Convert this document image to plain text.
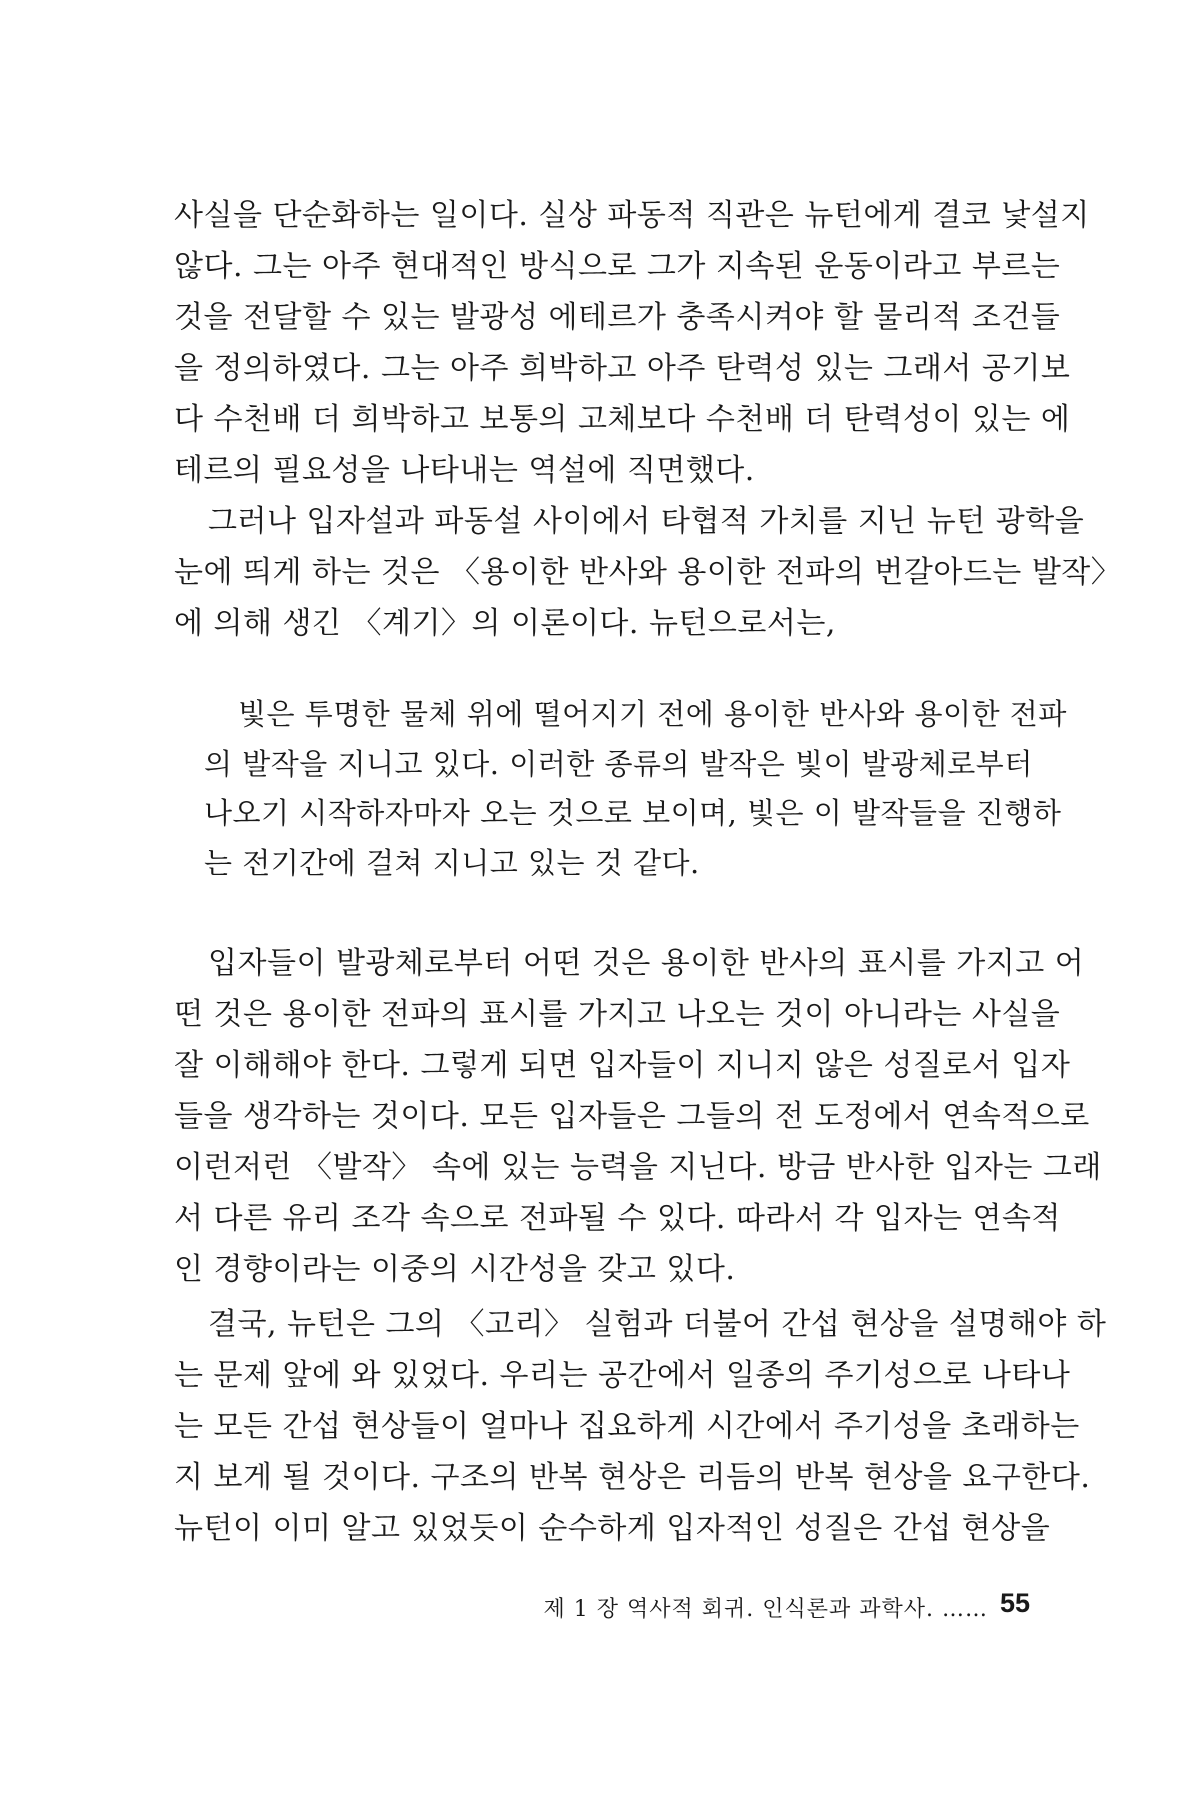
사실을 단순화하는 일이다. 실상 파동적 직관은 뉴턴에게 결코 낯설지
않다. 그는 아주 현대적인 방식으로 그가 지속된 운동이라고 부르는
것을 전달할 수 있는 발광성 에테르가 충족시켜야 할 물리적 조건들
을 정의하였다. 그는 아주 희박하고 아주 탄력성 있는 그래서 공기보
다 수천배 더 희박하고 보통의 고체보다 수천배 더 탄력성이 있는 에
테르의 필요성을 나타내는 역설에 직면했다.
그러나 입자설과 파동설 사이에서 타협적 가치를 지닌 뉴턴 광학을
눈에 띄게 하는 것은 〈용이한 반사와 용이한 전파의 번갈아드는 발작〉
에 의해 생긴 〈계기〉의 이론이다. 뉴턴으로서는,
빛은 투명한 물체 위에 떨어지기 전에 용이한 반사와 용이한 전파
의 발작을 지니고 있다. 이러한 종류의 발작은 빛이 발광체로부터
나오기 시작하자마자 오는 것으로 보이며, 빛은 이 발작들을 진행하
는 전기간에 걸쳐 지니고 있는 것 같다.
입자들이 발광체로부터 어떤 것은 용이한 반사의 표시를 가지고 어
떤 것은 용이한 전파의 표시를 가지고 나오는 것이 아니라는 사실을
잘 이해해야 한다. 그렇게 되면 입자들이 지니지 않은 성질로서 입자
들을 생각하는 것이다. 모든 입자들은 그들의 전 도정에서 연속적으로
이런저런 〈발작〉 속에 있는 능력을 지닌다. 방금 반사한 입자는 그래
서 다른 유리 조각 속으로 전파될 수 있다. 따라서 각 입자는 연속적
인 경향이라는 이중의 시간성을 갖고 있다.
결국, 뉴턴은 그의 〈고리〉 실험과 더불어 간섭 현상을 설명해야 하
는 문제 앞에 와 있었다. 우리는 공간에서 일종의 주기성으로 나타나
는 모든 간섭 현상들이 얼마나 집요하게 시간에서 주기성을 초래하는
지 보게 될 것이다. 구조의 반복 현상은 리듬의 반복 현상을 요구한다.
뉴턴이 이미 알고 있었듯이 순수하게 입자적인 성질은 간섭 현상을
제 1 장 역사적 회귀. 인식론과 과학사. …… 55
